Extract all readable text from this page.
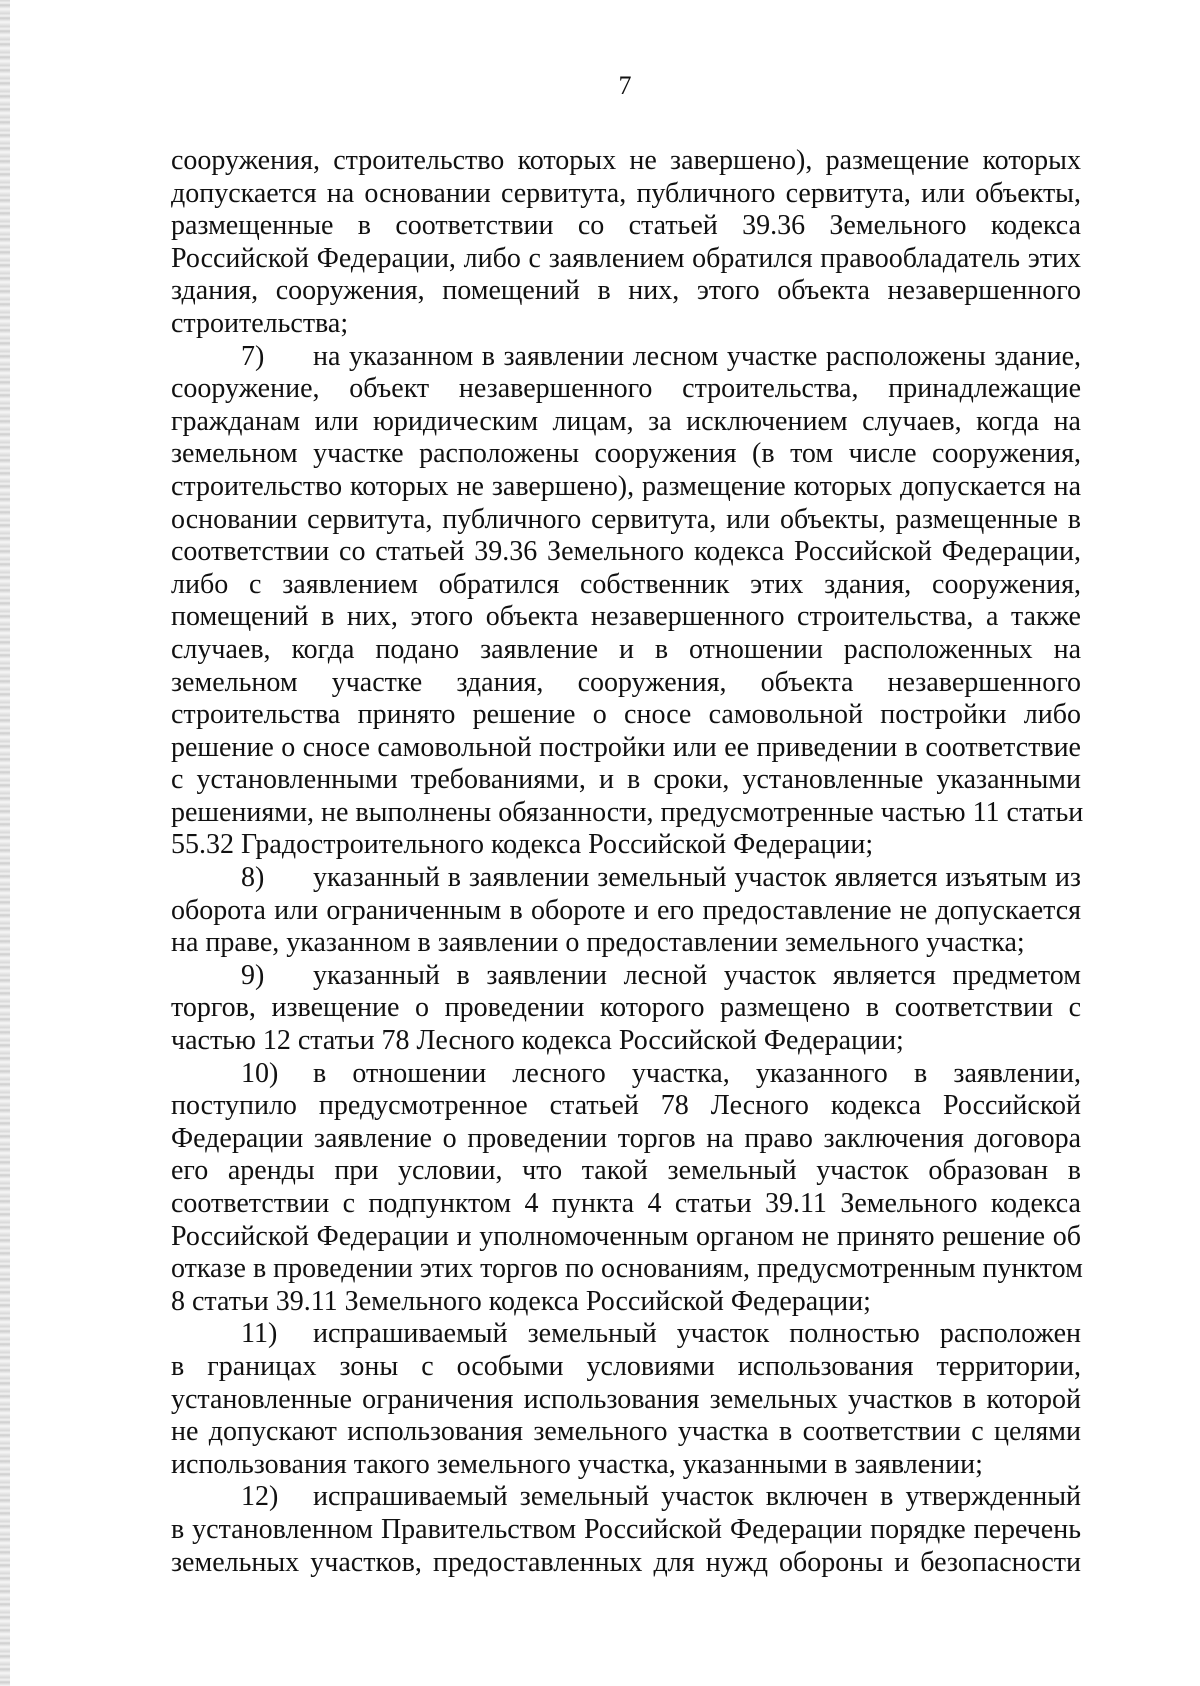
7
сооружения, строительство которых не завершено), размещение которых
допускается на основании сервитута, публичного сервитута, или объекты,
размещенные в соответствии со статьей 39.36 Земельного кодекса
Российской Федерации, либо с заявлением обратился правообладатель этих
здания, сооружения, помещений в них, этого объекта незавершенного
строительства;
7) на указанном в заявлении лесном участке расположены здание,
сооружение, объект незавершенного строительства, принадлежащие
гражданам или юридическим лицам, за исключением случаев, когда на
земельном участке расположены сооружения (в том числе сооружения,
строительство которых не завершено), размещение которых допускается на
основании сервитута, публичного сервитута, или объекты, размещенные в
соответствии со статьей 39.36 Земельного кодекса Российской Федерации,
либо с заявлением обратился собственник этих здания, сооружения,
помещений в них, этого объекта незавершенного строительства, а также
случаев, когда подано заявление и в отношении расположенных на
земельном участке здания, сооружения, объекта незавершенного
строительства принято решение о сносе самовольной постройки либо
решение о сносе самовольной постройки или ее приведении в соответствие
с установленными требованиями, и в сроки, установленные указанными
решениями, не выполнены обязанности, предусмотренные частью 11 статьи
55.32 Градостроительного кодекса Российской Федерации;
8) указанный в заявлении земельный участок является изъятым из
оборота или ограниченным в обороте и его предоставление не допускается
на праве, указанном в заявлении о предоставлении земельного участка;
9) указанный в заявлении лесной участок является предметом
торгов, извещение о проведении которого размещено в соответствии с
частью 12 статьи 78 Лесного кодекса Российской Федерации;
10) в отношении лесного участка, указанного в заявлении,
поступило предусмотренное статьей 78 Лесного кодекса Российской
Федерации заявление о проведении торгов на право заключения договора
его аренды при условии, что такой земельный участок образован в
соответствии с подпунктом 4 пункта 4 статьи 39.11 Земельного кодекса
Российской Федерации и уполномоченным органом не принято решение об
отказе в проведении этих торгов по основаниям, предусмотренным пунктом
8 статьи 39.11 Земельного кодекса Российской Федерации;
11) испрашиваемый земельный участок полностью расположен
в границах зоны с особыми условиями использования территории,
установленные ограничения использования земельных участков в которой
не допускают использования земельного участка в соответствии с целями
использования такого земельного участка, указанными в заявлении;
12) испрашиваемый земельный участок включен в утвержденный
в установленном Правительством Российской Федерации порядке перечень
земельных участков, предоставленных для нужд обороны и безопасности
